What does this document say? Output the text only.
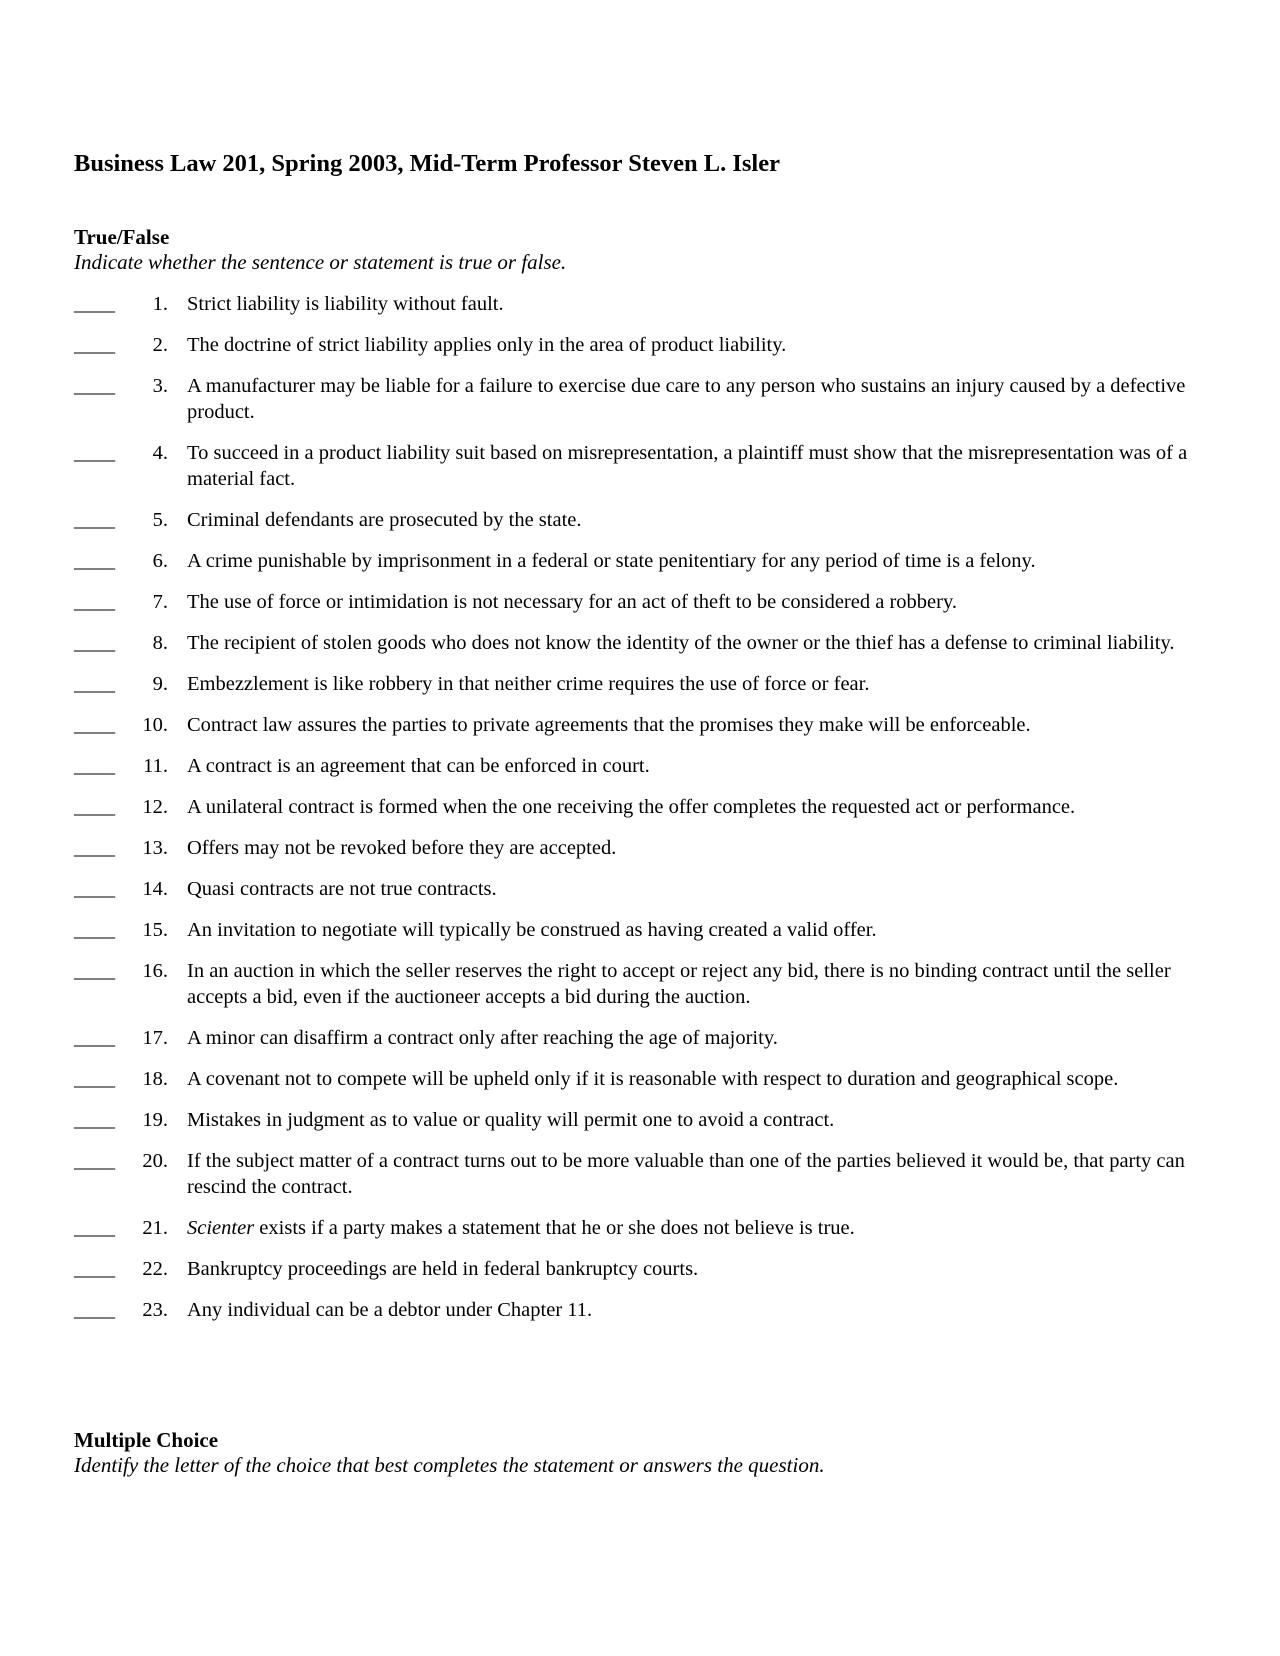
Business Law 201, Spring 2003, Mid-Term Professor Steven L. Isler
True/False
Indicate whether the sentence or statement is true or false.
____	1. Strict liability is liability without fault.
____	2. The doctrine of strict liability applies only in the area of product liability.
____	3. A manufacturer may be liable for a failure to exercise due care to any person who sustains an injury caused by a defective product.
____	4. To succeed in a product liability suit based on misrepresentation, a plaintiff must show that the misrepresentation was of a material fact.
____	5. Criminal defendants are prosecuted by the state.
____	6. A crime punishable by imprisonment in a federal or state penitentiary for any period of time is a felony.
____	7. The use of force or intimidation is not necessary for an act of theft to be considered a robbery.
____	8. The recipient of stolen goods who does not know the identity of the owner or the thief has a defense to criminal liability.
____	9. Embezzlement is like robbery in that neither crime requires the use of force or fear.
____	10. Contract law assures the parties to private agreements that the promises they make will be enforceable.
____	11. A contract is an agreement that can be enforced in court.
____	12. A unilateral contract is formed when the one receiving the offer completes the requested act or performance.
____	13. Offers may not be revoked before they are accepted.
____	14. Quasi contracts are not true contracts.
____	15. An invitation to negotiate will typically be construed as having created a valid offer.
____	16. In an auction in which the seller reserves the right to accept or reject any bid, there is no binding contract until the seller accepts a bid, even if the auctioneer accepts a bid during the auction.
____	17. A minor can disaffirm a contract only after reaching the age of majority.
____	18. A covenant not to compete will be upheld only if it is reasonable with respect to duration and geographical scope.
____	19. Mistakes in judgment as to value or quality will permit one to avoid a contract.
____	20. If the subject matter of a contract turns out to be more valuable than one of the parties believed it would be, that party can rescind the contract.
____	21. Scienter exists if a party makes a statement that he or she does not believe is true.
____	22. Bankruptcy proceedings are held in federal bankruptcy courts.
____	23. Any individual can be a debtor under Chapter 11.
Multiple Choice
Identify the letter of the choice that best completes the statement or answers the question.
